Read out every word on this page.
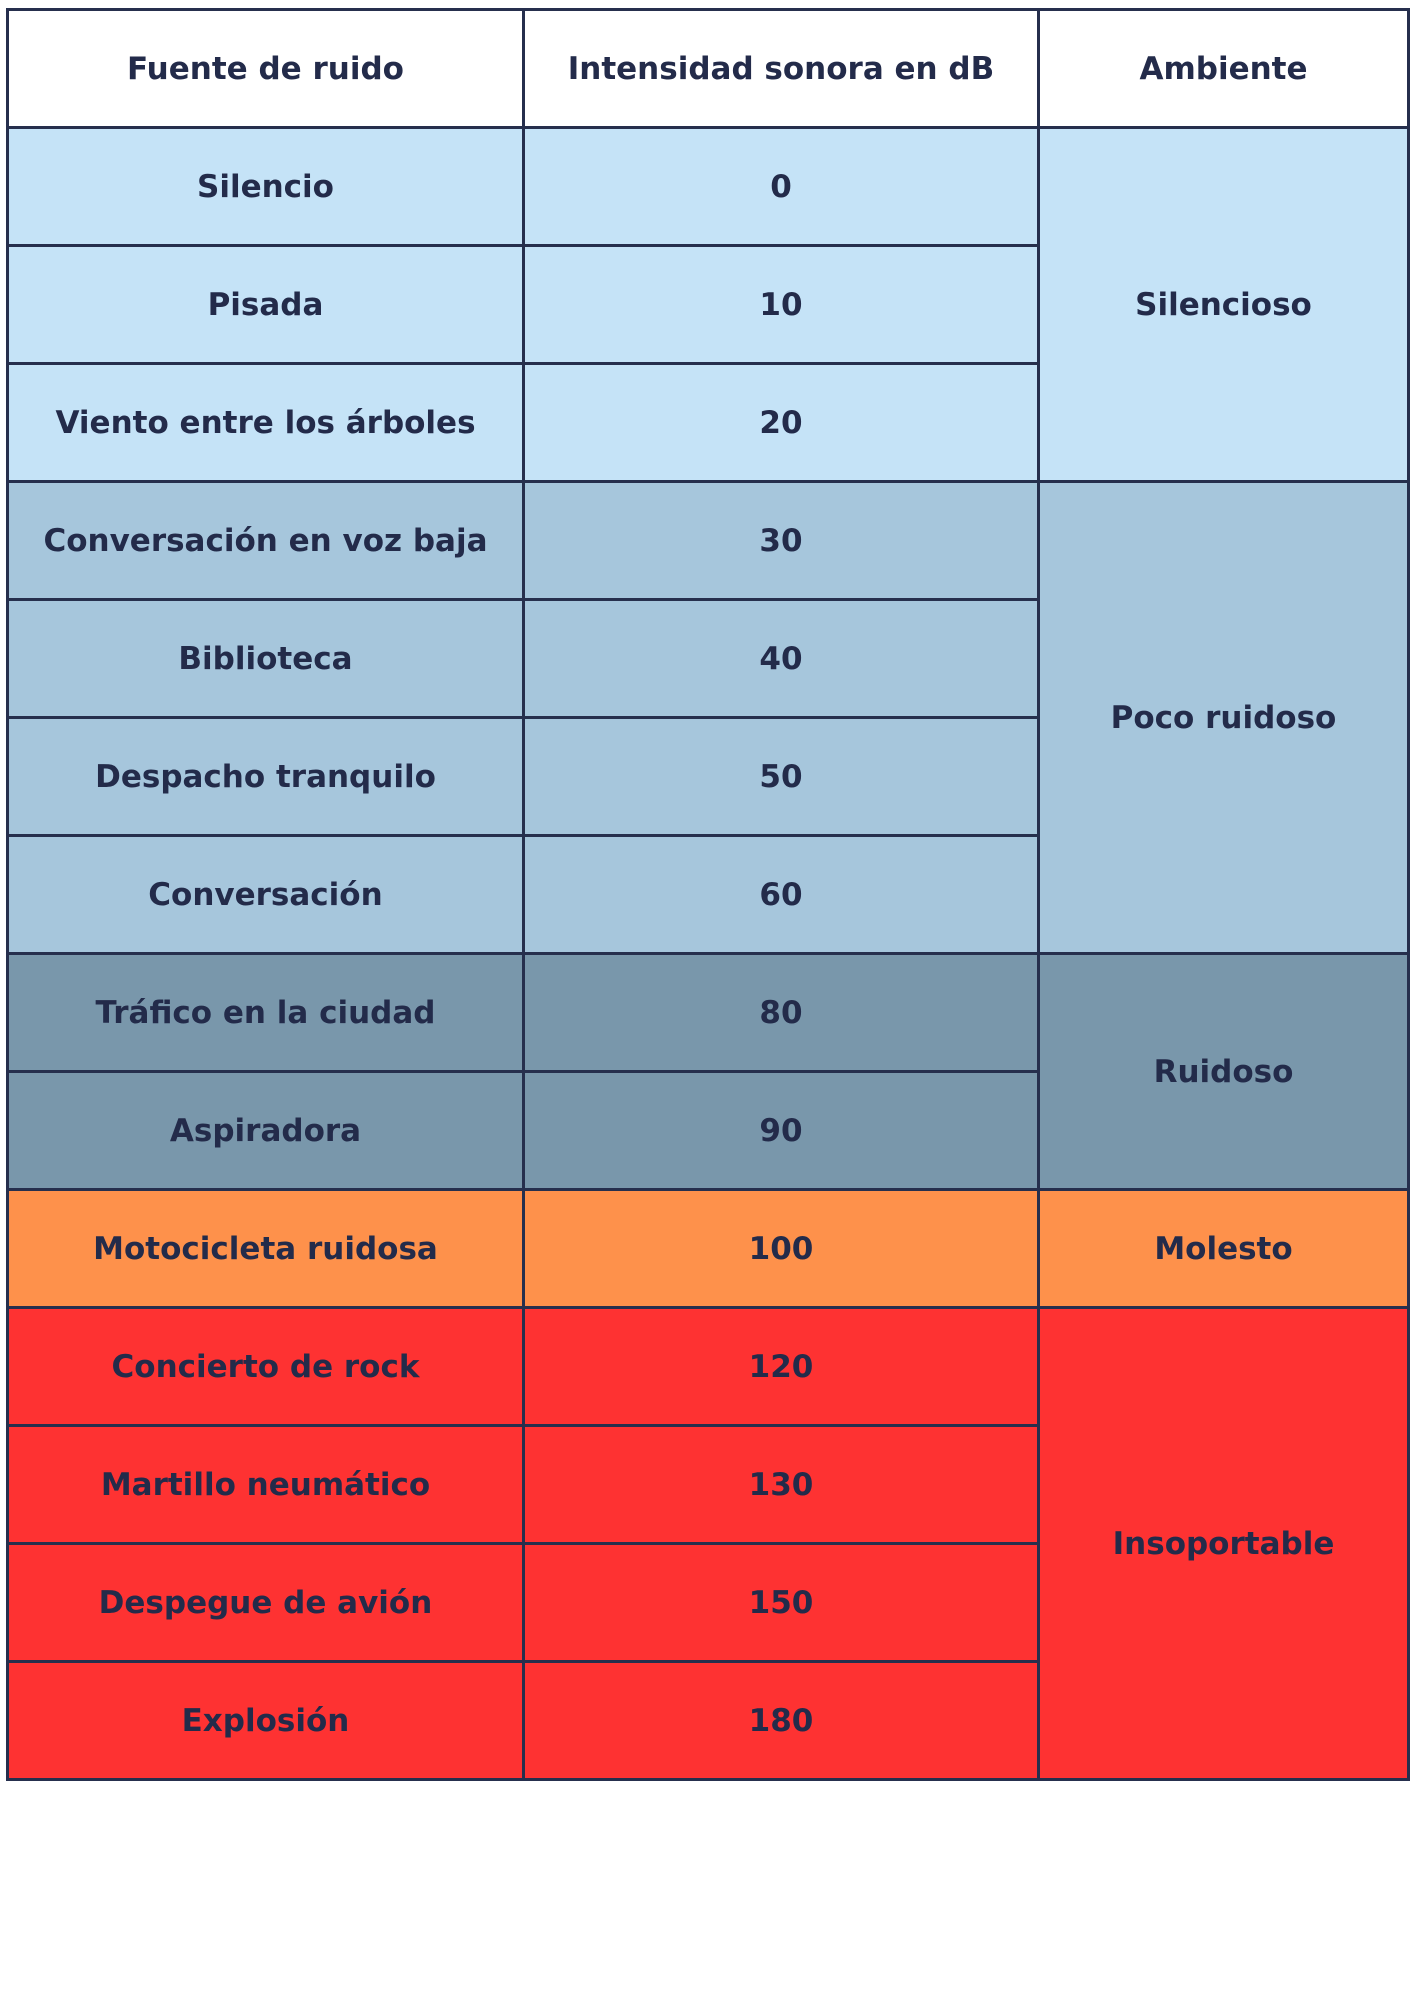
Fuente de ruido	Intensidad sonora en dB	Ambiente
Silencio	0	Silencioso
Pisada	10	
Viento entre los árboles	20	
Conversación en voz baja	30	Poco ruidoso
Biblioteca	40	
Despacho tranquilo	50	
Conversación	60	
Tráfico en la ciudad	80	Ruidoso
Aspiradora	90	
Motocicleta ruidosa	100	Molesto
Concierto de rock	120	Insoportable
Martillo neumático	130	
Despegue de avión	150	
Explosión	180	
